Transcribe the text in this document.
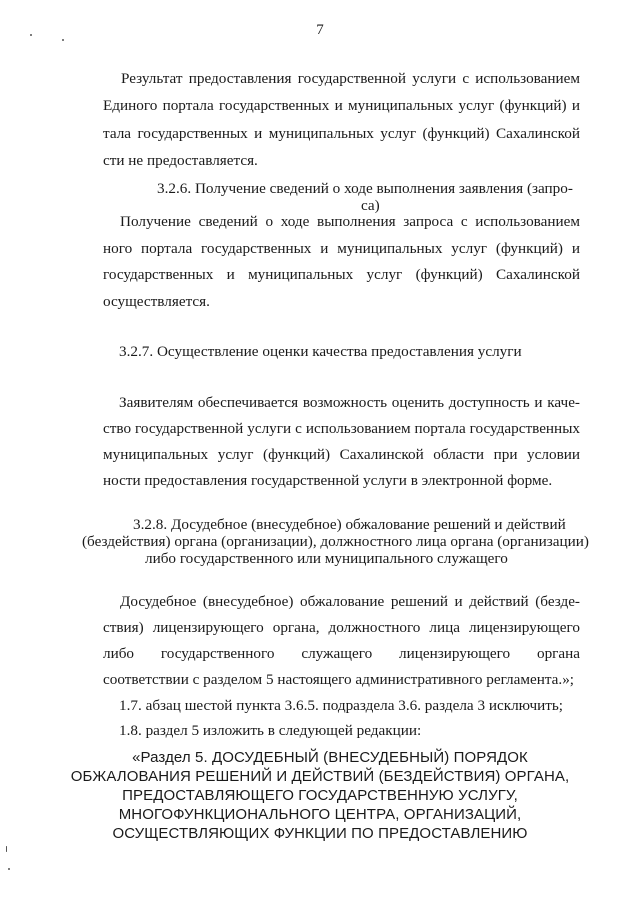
7
Результат предоставления государственной услуги с использованием
Единого портала государственных и муниципальных услуг (функций) и
тала государственных и муниципальных услуг (функций) Сахалинской
сти не предоставляется.
3.2.6. Получение сведений о ходе выполнения заявления (запро-
са)
Получение сведений о ходе выполнения запроса с использованием
ного портала государственных и муниципальных услуг (функций) и
государственных и муниципальных услуг (функций) Сахалинской
осуществляется.
3.2.7. Осуществление оценки качества предоставления услуги
Заявителям обеспечивается возможность оценить доступность и каче-
ство государственной услуги с использованием портала государственных
муниципальных услуг (функций) Сахалинской области при условии
ности предоставления государственной услуги в электронной форме.
3.2.8. Досудебное (внесудебное) обжалование решений и действий
(бездействия) органа (организации), должностного лица органа (организации)
либо государственного или муниципального служащего
Досудебное (внесудебное) обжалование решений и действий (безде-
ствия) лицензирующего органа, должностного лица лицензирующего
либо государственного служащего лицензирующего органа
соответствии с разделом 5 настоящего административного регламента.»;
1.7. абзац шестой пункта 3.6.5. подраздела 3.6. раздела 3 исключить;
1.8. раздел 5 изложить в следующей редакции:
«Раздел 5. ДОСУДЕБНЫЙ (ВНЕСУДЕБНЫЙ) ПОРЯДОК
ОБЖАЛОВАНИЯ РЕШЕНИЙ И ДЕЙСТВИЙ (БЕЗДЕЙСТВИЯ) ОРГАНА,
ПРЕДОСТАВЛЯЮЩЕГО ГОСУДАРСТВЕННУЮ УСЛУГУ,
МНОГОФУНКЦИОНАЛЬНОГО ЦЕНТРА, ОРГАНИЗАЦИЙ,
ОСУЩЕСТВЛЯЮЩИХ ФУНКЦИИ ПО ПРЕДОСТАВЛЕНИЮ
